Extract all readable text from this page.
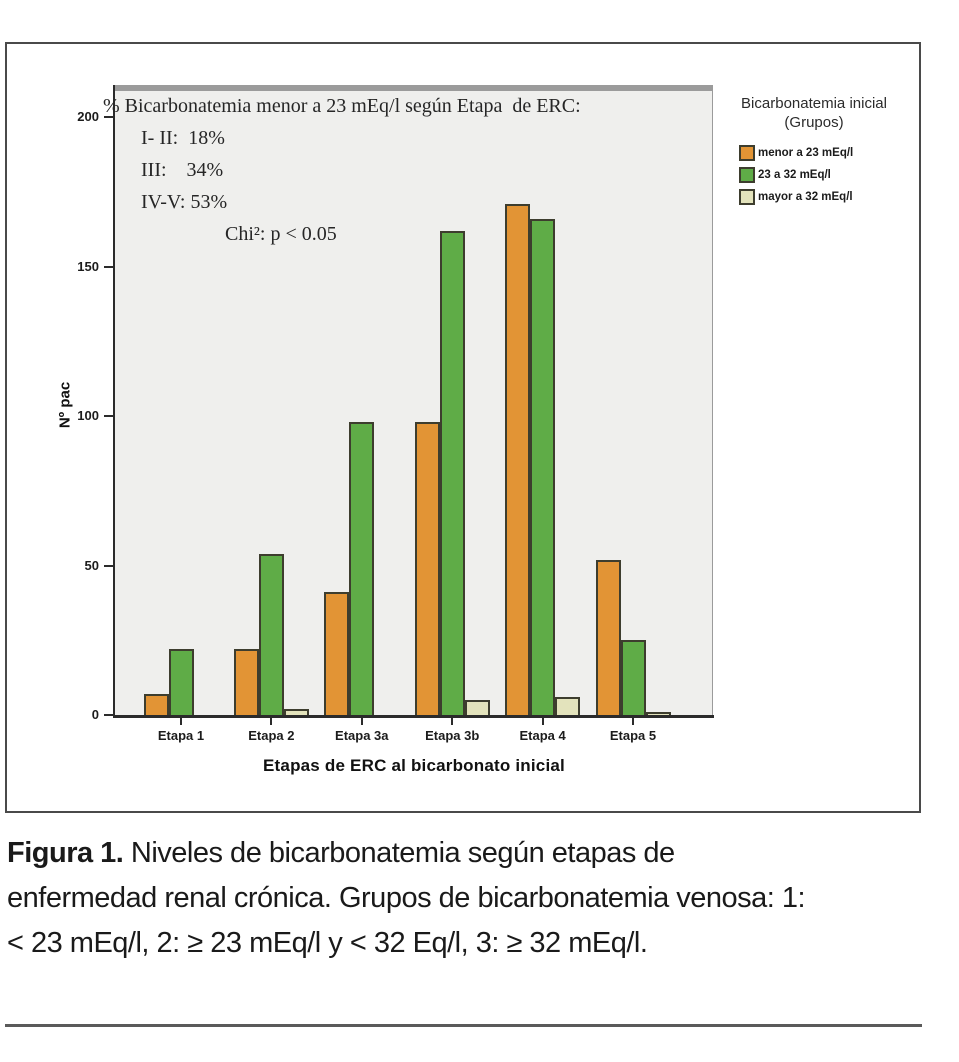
0
50
100
150
200
Nº pac
Etapa 1	Etapa 2	Etapa 3a	Etapa 3b	Etapa 4	Etapa 5
Etapas de ERC al bicarbonato inicial
% Bicarbonatemia menor a 23 mEq/l según Etapa  de ERC:
I- II:  18%
III:    34%
IV-V: 53%
Chi²: p < 0.05
Bicarbonatemia inicial
(Grupos)
menor a 23 mEq/l
23 a 32 mEq/l
mayor a 32 mEq/l
Figura 1. Niveles de bicarbonatemia según etapas de enfermedad renal crónica. Grupos de bicarbonatemia venosa: 1: < 23 mEq/l, 2: ≥ 23 mEq/l y < 32 Eq/l, 3: ≥ 32 mEq/l.
